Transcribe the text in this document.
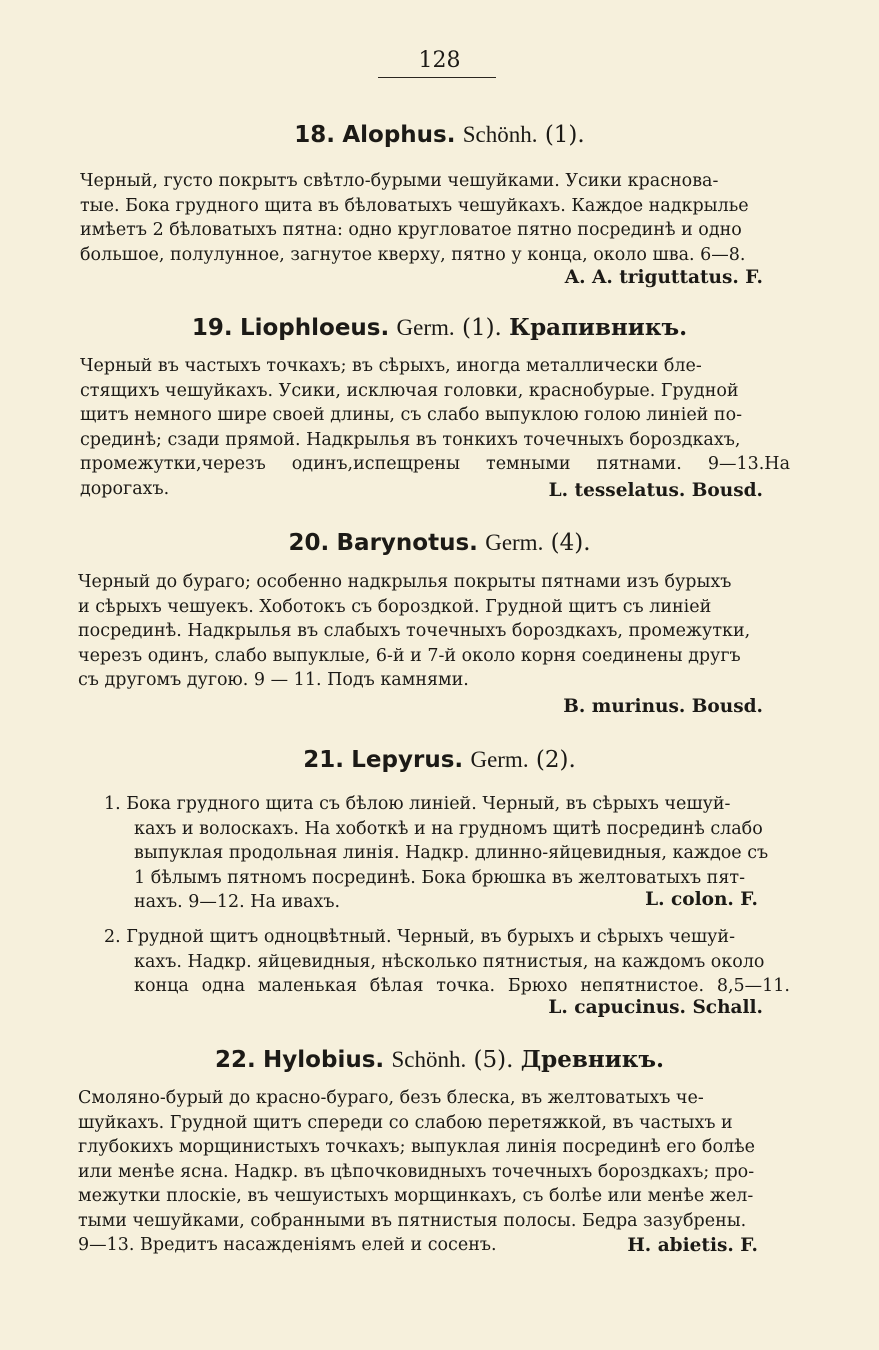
128
18. Alophus. Schönh. (1).
Черный, густо покрытъ свѣтло-бурыми чешуйками. Усики краснова-
тые. Бока грудного щита въ бѣловатыхъ чешуйкахъ. Каждое надкрылье
имѣетъ 2 бѣловатыхъ пятна: одно кругловатое пятно посрединѣ и одно
большое, полулунное, загнутое кверху, пятно у конца, около шва. 6—8.
A. A. triguttatus. F.
19. Liophloeus. Germ. (1). Крапивникъ.
Черный въ частыхъ точкахъ; въ сѣрыхъ, иногда металлически бле-
стящихъ чешуйкахъ. Усики, исключая головки, краснобурые. Грудной
щитъ немного шире своей длины, съ слабо выпуклою голою линіей по-
срединѣ; сзади прямой. Надкрылья въ тонкихъ точечныхъ бороздкахъ,
промежутки,черезъ одинъ,испещрены темными пятнами. 9—13.На дорогахъ.	L. tesselatus. Bousd.
20. Barynotus. Germ. (4).
Черный до бураго; особенно надкрылья покрыты пятнами изъ бурыхъ
и сѣрыхъ чешуекъ. Хоботокъ съ бороздкой. Грудной щитъ съ линіей
посрединѣ. Надкрылья въ слабыхъ точечныхъ бороздкахъ, промежутки,
черезъ одинъ, слабо выпуклые, 6-й и 7-й около корня соединены другъ
съ другомъ дугою. 9 — 11. Подъ камнями.
B. murinus. Bousd.
21. Lepyrus. Germ. (2).
1. Бока грудного щита съ бѣлою линіей. Черный, въ сѣрыхъ чешуй-
кахъ и волоскахъ. На хоботкѣ и на грудномъ щитѣ посрединѣ слабо
выпуклая продольная линія. Надкр. длинно-яйцевидныя, каждое съ
1 бѣлымъ пятномъ посрединѣ. Бока брюшка въ желтоватыхъ пят-
нахъ. 9—12. На ивахъ.	L. colon. F.
2. Грудной щитъ одноцвѣтный. Черный, въ бурыхъ и сѣрыхъ чешуй-
кахъ. Надкр. яйцевидныя, нѣсколько пятнистыя, на каждомъ около
конца одна маленькая бѣлая точка. Брюхо непятнистое. 8,5—11.
L. capucinus. Schall.
22. Hylobius. Schönh. (5). Древникъ.
Смоляно-бурый до красно-бураго, безъ блеска, въ желтоватыхъ че-
шуйкахъ. Грудной щитъ спереди со слабою перетяжкой, въ частыхъ и
глубокихъ морщинистыхъ точкахъ; выпуклая линія посрединѣ его болѣе
или менѣе ясна. Надкр. въ цѣпочковидныхъ точечныхъ бороздкахъ; про-
межутки плоскіе, въ чешуистыхъ морщинкахъ, съ болѣе или менѣе жел-
тыми чешуйками, собранными въ пятнистыя полосы. Бедра зазубрены.
9—13. Вредитъ насажденіямъ елей и сосенъ.	H. abietis. F.
